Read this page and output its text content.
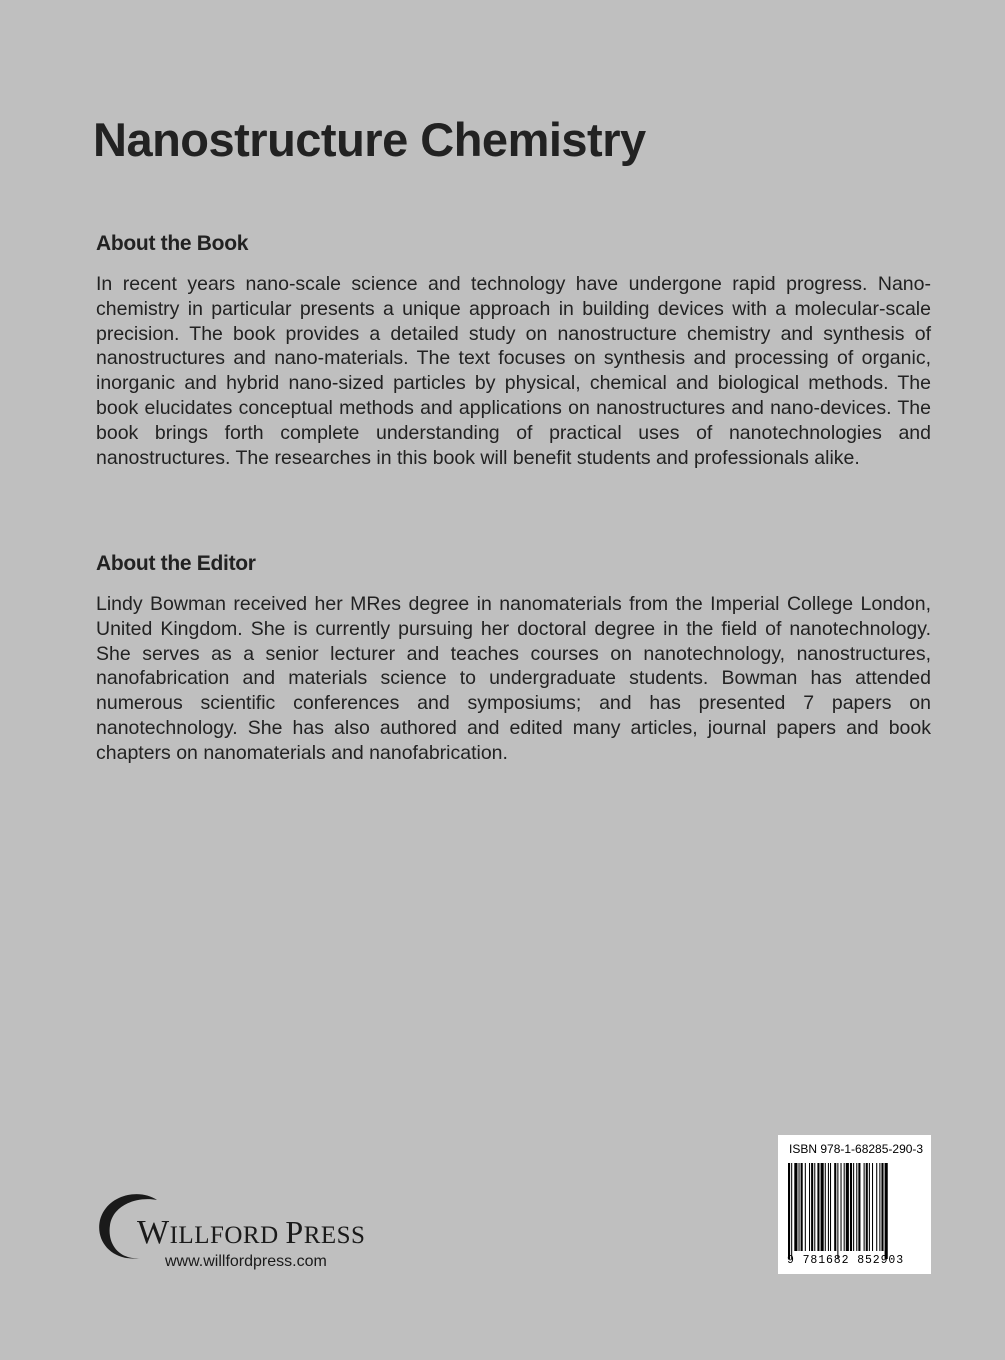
Nanostructure Chemistry
About the Book

In recent years nano-scale science and technology have undergone rapid progress. Nano-chemistry in particular presents a unique approach in building devices with a molecular-scale precision. The book provides a detailed study on nanostructure chemistry and synthesis of nanostructures and nano-materials. The text focuses on synthesis and processing of organic, inorganic and hybrid nano-sized particles by physical, chemical and biological methods. The book elucidates conceptual methods and applications on nanostructures and nano-devices. The book brings forth complete understanding of practical uses of nanotechnologies and nanostructures. The researches in this book will benefit students and professionals alike.

About the Editor

Lindy Bowman received her MRes degree in nanomaterials from the Imperial College London, United Kingdom. She is currently pursuing her doctoral degree in the field of nanotechnology. She serves as a senior lecturer and teaches courses on nanotechnology, nanostructures, nanofabrication and materials science to undergraduate students. Bowman has attended numerous scientific conferences and symposiums; and has presented 7 papers on nanotechnology. She has also authored and edited many articles, journal papers and book chapters on nanomaterials and nanofabrication.

ISBN 978-1-68285-290-3
9 781682 852903
WILLFORD PRESS
www.willfordpress.com
